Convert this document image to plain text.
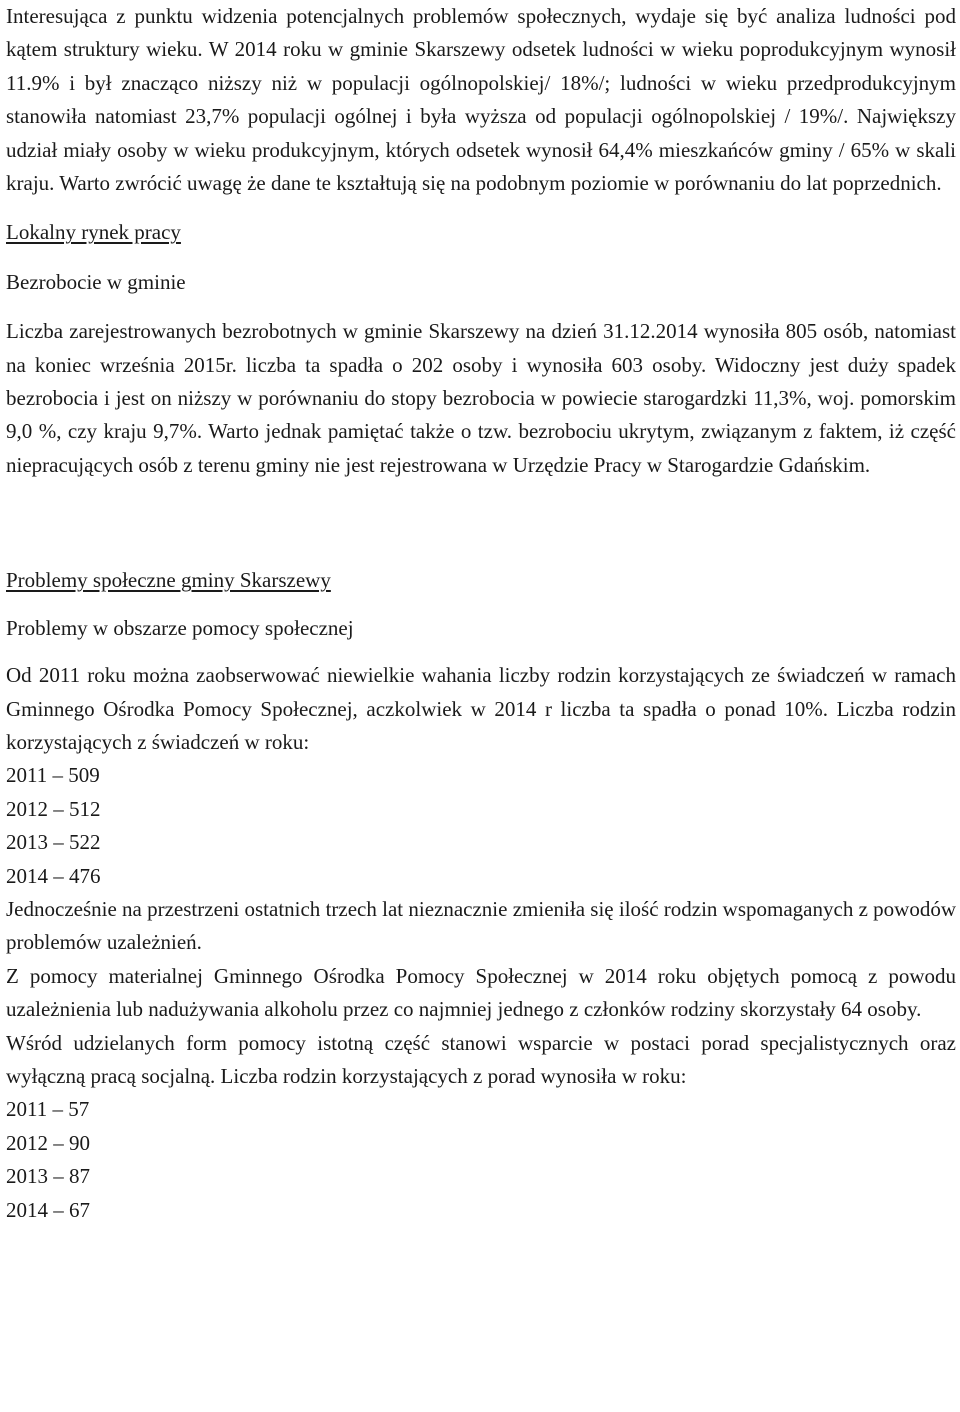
Interesująca z punktu widzenia potencjalnych problemów społecznych, wydaje się być analiza ludności pod kątem struktury wieku. W 2014 roku w gminie Skarszewy odsetek ludności w wieku poprodukcyjnym wynosił 11.9% i był znacząco niższy niż w populacji ogólnopolskiej/ 18%/; ludności w wieku przedprodukcyjnym stanowiła natomiast 23,7% populacji ogólnej i była wyższa od populacji ogólnopolskiej / 19%/. Największy udział miały osoby w wieku produkcyjnym, których odsetek wynosił 64,4% mieszkańców gminy / 65% w skali kraju. Warto zwrócić uwagę że dane te kształtują się na podobnym poziomie w porównaniu do lat poprzednich.

Lokalny rynek pracy

Bezrobocie w gminie

Liczba zarejestrowanych bezrobotnych w gminie Skarszewy na dzień 31.12.2014 wynosiła 805 osób, natomiast na koniec września 2015r. liczba ta spadła o 202 osoby i wynosiła 603 osoby. Widoczny jest duży spadek bezrobocia i jest on niższy w porównaniu do stopy bezrobocia w powiecie starogardzki 11,3%, woj. pomorskim 9,0 %, czy kraju 9,7%. Warto jednak pamiętać także o tzw. bezrobociu ukrytym, związanym z faktem, iż część niepracujących osób z terenu gminy nie jest rejestrowana w Urzędzie Pracy w Starogardzie Gdańskim.

Problemy społeczne gminy Skarszewy

Problemy w obszarze pomocy społecznej

Od 2011 roku można zaobserwować niewielkie wahania liczby rodzin korzystających ze świadczeń w ramach Gminnego Ośrodka Pomocy Społecznej, aczkolwiek w 2014 r liczba ta spadła o ponad 10%. Liczba rodzin korzystających z świadczeń w roku:

2011 – 509

2012 – 512

2013 – 522

2014 – 476

Jednocześnie na przestrzeni ostatnich trzech lat nieznacznie zmieniła się ilość rodzin wspomaganych z powodów problemów uzależnień.

Z pomocy materialnej Gminnego Ośrodka Pomocy Społecznej w 2014 roku objętych pomocą z powodu uzależnienia lub nadużywania alkoholu przez co najmniej jednego z członków rodziny skorzystały 64 osoby.

Wśród udzielanych form pomocy istotną część stanowi wsparcie w postaci porad specjalistycznych oraz wyłączną pracą socjalną. Liczba rodzin korzystających z porad wynosiła w roku:

2011 – 57

2012 – 90

2013 – 87

2014 – 67
